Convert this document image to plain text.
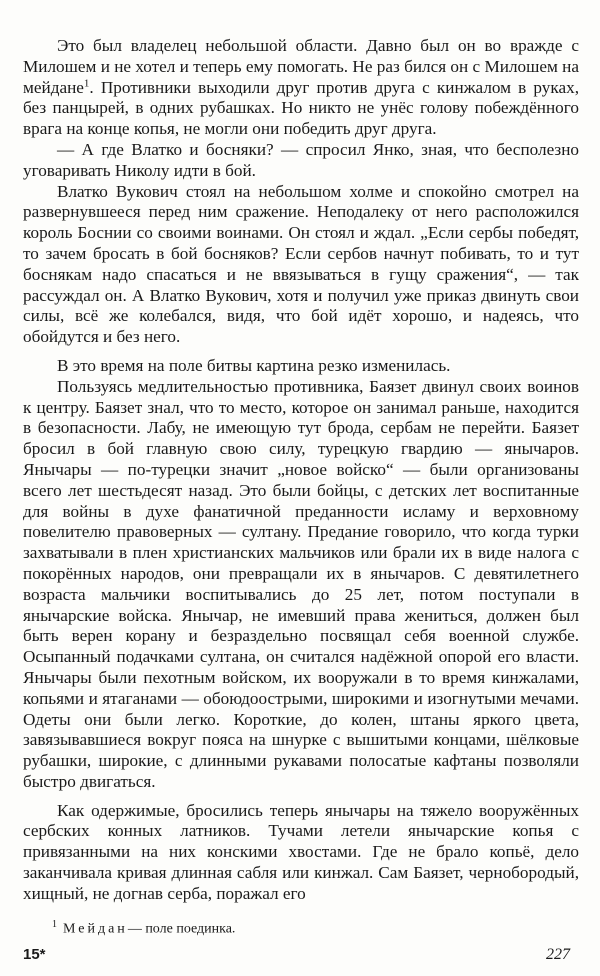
Это был владелец небольшой области. Давно был он во вражде с Милошем и не хотел и теперь ему помогать. Не раз бился он с Милошем на мейдане$^1$. Противники выходили друг против друга с кинжалом в руках, без панцырей, в одних рубашках. Но никто не унёс голову побеждённого врага на конце копья, не могли они победить друг друга.

— А где Влатко и босняки? — спросил Янко, зная, что бесполезно уговаривать Николу идти в бой.

Влатко Вукович стоял на небольшом холме и спокойно смотрел на развернувшееся перед ним сражение. Неподалеку от него расположился король Боснии со своими воинами. Он стоял и ждал. „Если сербы победят, то зачем бросать в бой босняков? Если сербов начнут побивать, то и тут боснякам надо спасаться и не ввязываться в гущу сражения“, — так рассуждал он. А Влатко Вукович, хотя и получил уже приказ двинуть свои силы, всё же колебался, видя, что бой идёт хорошо, и надеясь, что обойдутся и без него.

В это время на поле битвы картина резко изменилась.

Пользуясь медлительностью противника, Баязет двинул своих воинов к центру. Баязет знал, что то место, которое он занимал раньше, находится в безопасности. Лабу, не имеющую тут брода, сербам не перейти. Баязет бросил в бой главную свою силу, турецкую гвардию — янычаров. Янычары — по-турецки значит „новое войско“ — были организованы всего лет шестьдесят назад. Это были бойцы, с детских лет воспитанные для войны в духе фанатичной преданности исламу и верховному повелителю правоверных — султану. Предание говорило, что когда турки захватывали в плен христианских мальчиков или брали их в виде налога с покорённых народов, они превращали их в янычаров. С девятилетнего возраста мальчики воспитывались до 25 лет, потом поступали в янычарские войска. Янычар, не имевший права жениться, должен был быть верен корану и безраздельно посвящал себя военной службе. Осыпанный подачками султана, он считался надёжной опорой его власти. Янычары были пехотным войском, их вооружали в то время кинжалами, копьями и ятаганами — обоюдоострыми, широкими и изогнутыми мечами. Одеты они были легко. Короткие, до колен, штаны яркого цвета, завязывавшиеся вокруг пояса на шнурке с вышитыми концами, шёлковые рубашки, широкие, с длинными рукавами полосатые кафтаны позволяли быстро двигаться.

Как одержимые, бросились теперь янычары на тяжело вооружённых сербских конных латников. Тучами летели янычарские копья с привязанными на них конскими хвостами. Где не брало копьё, дело заканчивала кривая длинная сабля или кинжал. Сам Баязет, чернобородый, хищный, не догнав серба, поражал его

$^1$ Мейдан— поле поединка.
15*	227
